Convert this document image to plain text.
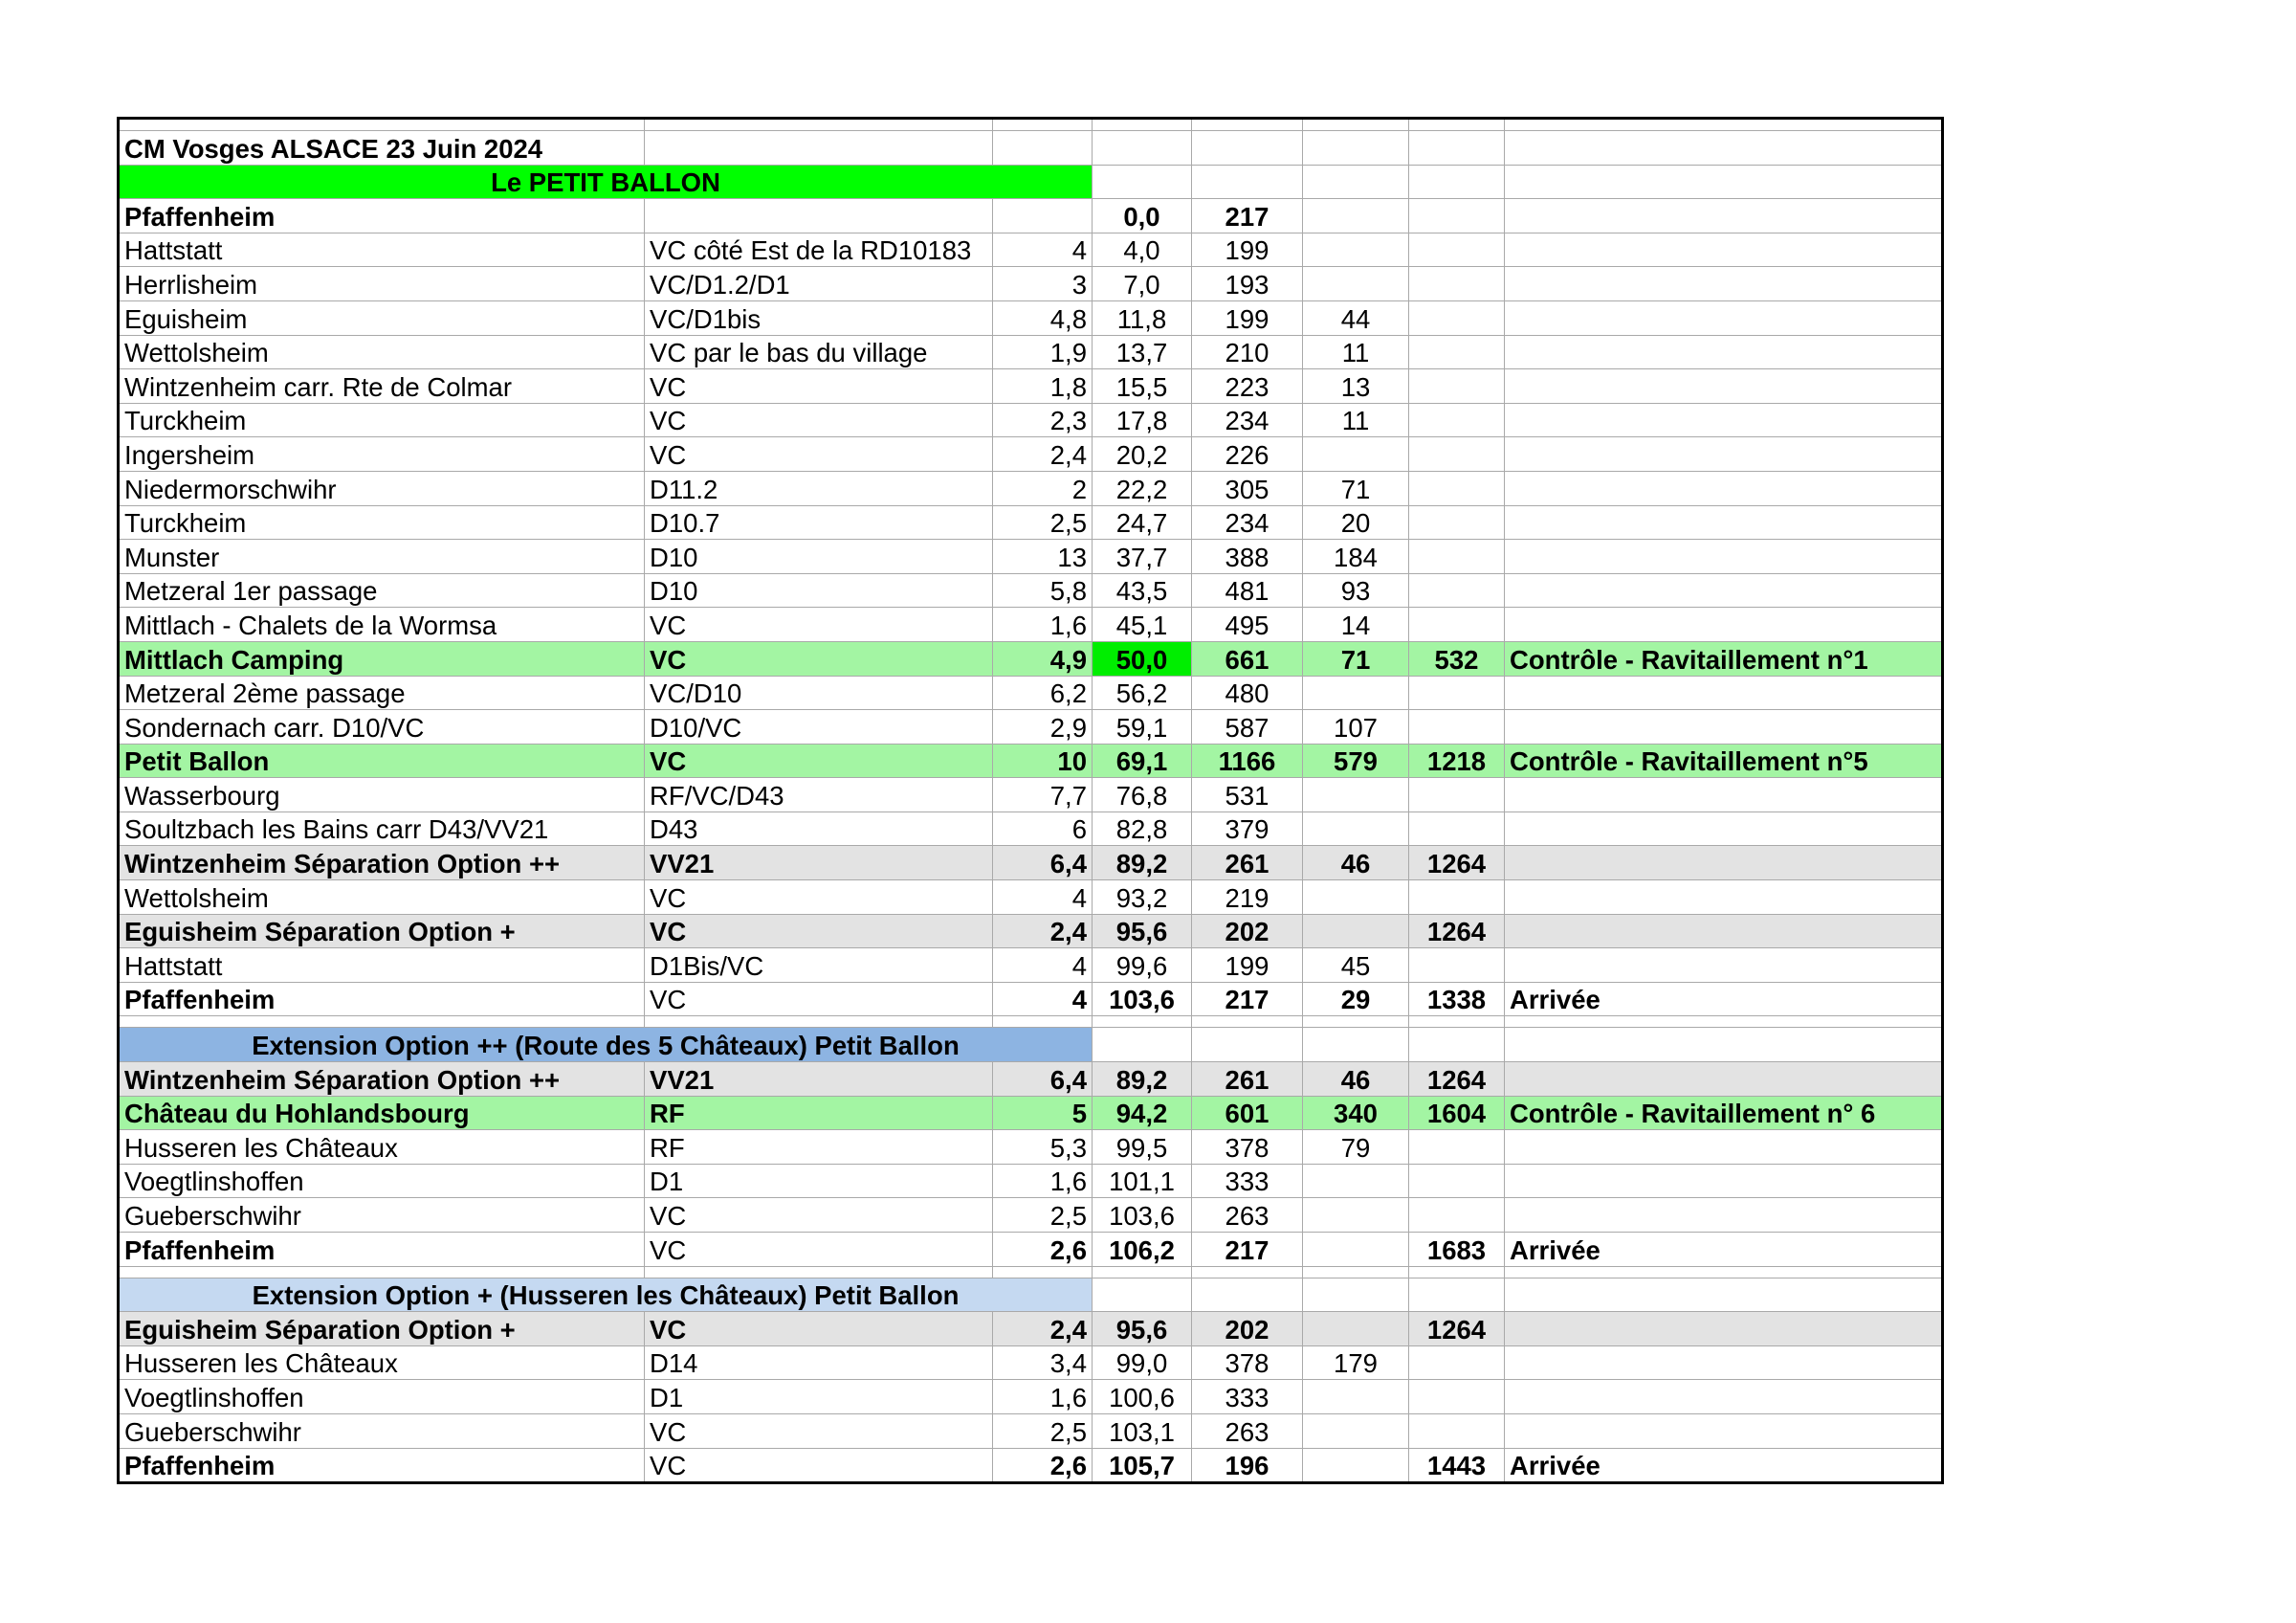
CM Vosges ALSACE 23 Juin 2024							
Le PETIT BALLON							
Pfaffenheim			0,0	217			
Hattstatt	VC côté Est de la RD10183	4	4,0	199			
Herrlisheim	VC/D1.2/D1	3	7,0	193			
Eguisheim	VC/D1bis	4,8	11,8	199	44		
Wettolsheim	VC par le bas du village	1,9	13,7	210	11		
Wintzenheim carr. Rte de Colmar	VC	1,8	15,5	223	13		
Turckheim	VC	2,3	17,8	234	11		
Ingersheim	VC	2,4	20,2	226			
Niedermorschwihr	D11.2	2	22,2	305	71		
Turckheim	D10.7	2,5	24,7	234	20		
Munster	D10	13	37,7	388	184		
Metzeral 1er passage	D10	5,8	43,5	481	93		
Mittlach - Chalets de la Wormsa	VC	1,6	45,1	495	14		
Mittlach Camping	VC	4,9	50,0	661	71	532	Contrôle - Ravitaillement n°1
Metzeral 2ème passage	VC/D10	6,2	56,2	480			
Sondernach carr. D10/VC	D10/VC	2,9	59,1	587	107		
Petit Ballon	VC	10	69,1	1166	579	1218	Contrôle - Ravitaillement n°5
Wasserbourg	RF/VC/D43	7,7	76,8	531			
Soultzbach les Bains carr D43/VV21	D43	6	82,8	379			
Wintzenheim Séparation Option ++	VV21	6,4	89,2	261	46	1264	
Wettolsheim	VC	4	93,2	219			
Eguisheim Séparation Option +	VC	2,4	95,6	202		1264	
Hattstatt	D1Bis/VC	4	99,6	199	45		
Pfaffenheim	VC	4	103,6	217	29	1338	Arrivée

Extension Option ++ (Route des 5 Châteaux) Petit Ballon							
Wintzenheim Séparation Option ++	VV21	6,4	89,2	261	46	1264	
Château du Hohlandsbourg	RF	5	94,2	601	340	1604	Contrôle - Ravitaillement n° 6
Husseren les Châteaux	RF	5,3	99,5	378	79		
Voegtlinshoffen	D1	1,6	101,1	333			
Gueberschwihr	VC	2,5	103,6	263			
Pfaffenheim	VC	2,6	106,2	217		1683	Arrivée

Extension Option + (Husseren les Châteaux) Petit Ballon							
Eguisheim Séparation Option +	VC	2,4	95,6	202		1264	
Husseren les Châteaux	D14	3,4	99,0	378	179		
Voegtlinshoffen	D1	1,6	100,6	333			
Gueberschwihr	VC	2,5	103,1	263			
Pfaffenheim	VC	2,6	105,7	196		1443	Arrivée
